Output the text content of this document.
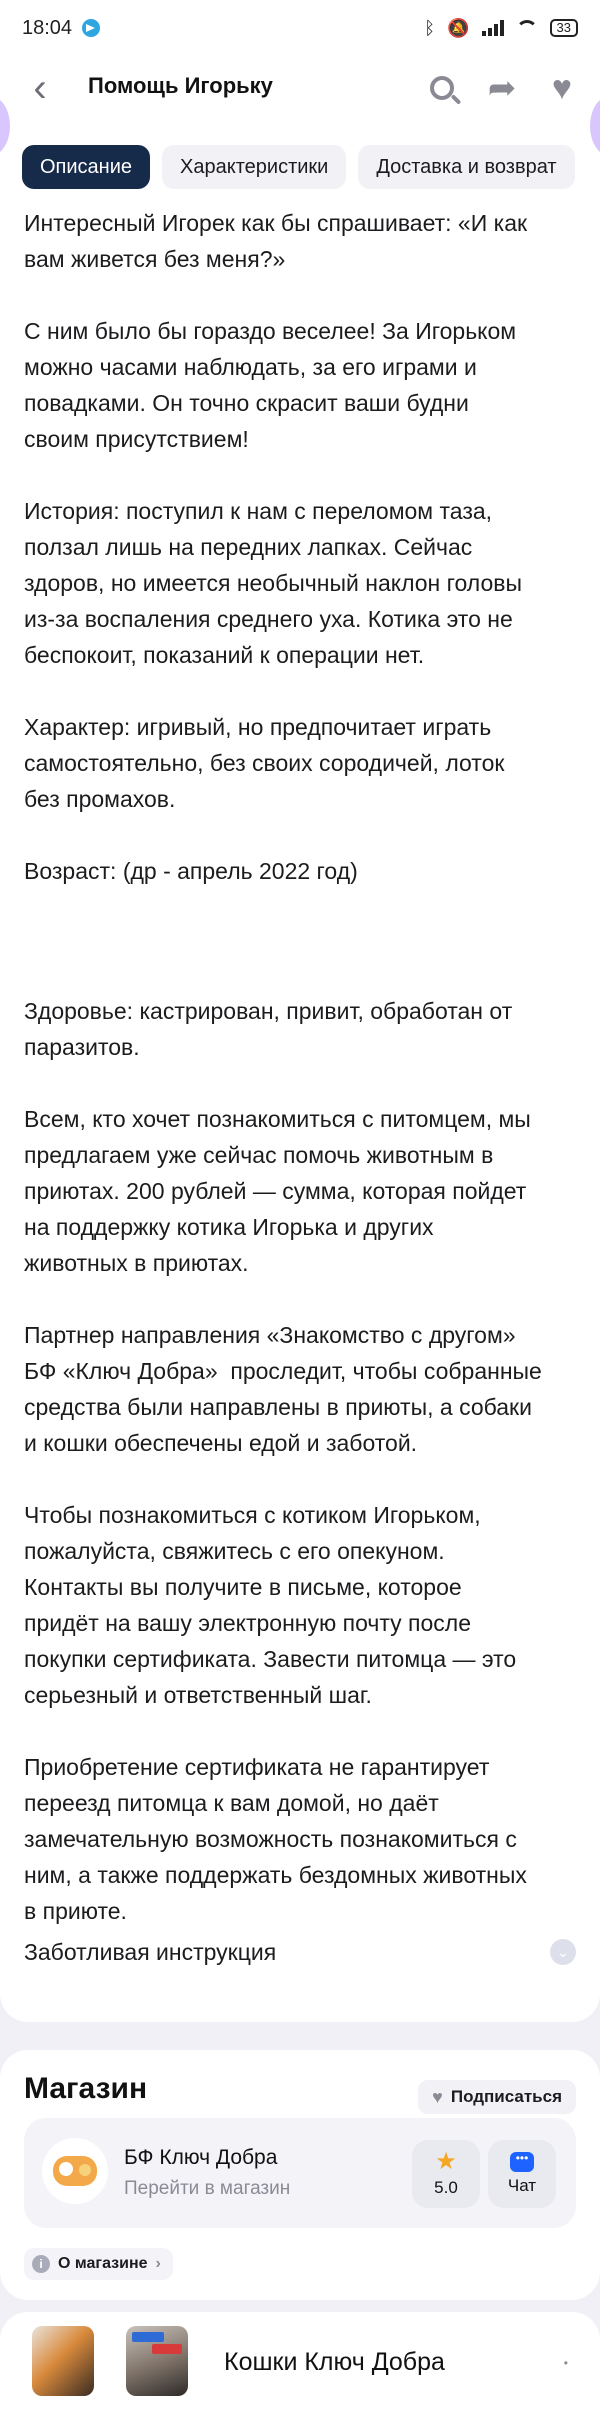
18:04	ᛒ 🔕	33
‹	Помощь Игорьку	➦ ♥
Описание	Характеристики	Доставка и возврат

Интересный Игорек как бы спрашивает: «И как
вам живется без меня?»

С ним было бы гораздо веселее! За Игорьком
можно часами наблюдать, за его играми и
повадками. Он точно скрасит ваши будни
своим присутствием!

История: поступил к нам с переломом таза,
ползал лишь на передних лапках. Сейчас
здоров, но имеется необычный наклон головы
из-за воспаления среднего уха. Котика это не
беспокоит, показаний к операции нет.

Характер: игривый, но предпочитает играть
самостоятельно, без своих сородичей, лоток
без промахов.

Возраст: (др - апрель 2022 год)

Здоровье: кастрирован, привит, обработан от
паразитов.

Всем, кто хочет познакомиться с питомцем, мы
предлагаем уже сейчас помочь животным в
приютах. 200 рублей — сумма, которая пойдет
на поддержку котика Игорька и других
животных в приютах.

Партнер направления «Знакомство с другом»
БФ «Ключ Добра»  проследит, чтобы собранные
средства были направлены в приюты, а собаки
и кошки обеспечены едой и заботой.

Чтобы познакомиться с котиком Игорьком,
пожалуйста, свяжитесь с его опекуном.
Контакты вы получите в письме, которое
придёт на вашу электронную почту после
покупки сертификата. Завести питомца — это
серьезный и ответственный шаг.

Приобретение сертификата не гарантирует
переезд питомца к вам домой, но даёт
замечательную возможность познакомиться с
ним, а также поддержать бездомных животных
в приюте.

Заботливая инструкция	⌄
Магазин	♥ Подписаться
БФ Ключ Добра
Перейти в магазин
★
5.0
•••
Чат
i О магазине ›
Кошки Ключ Добра	•
